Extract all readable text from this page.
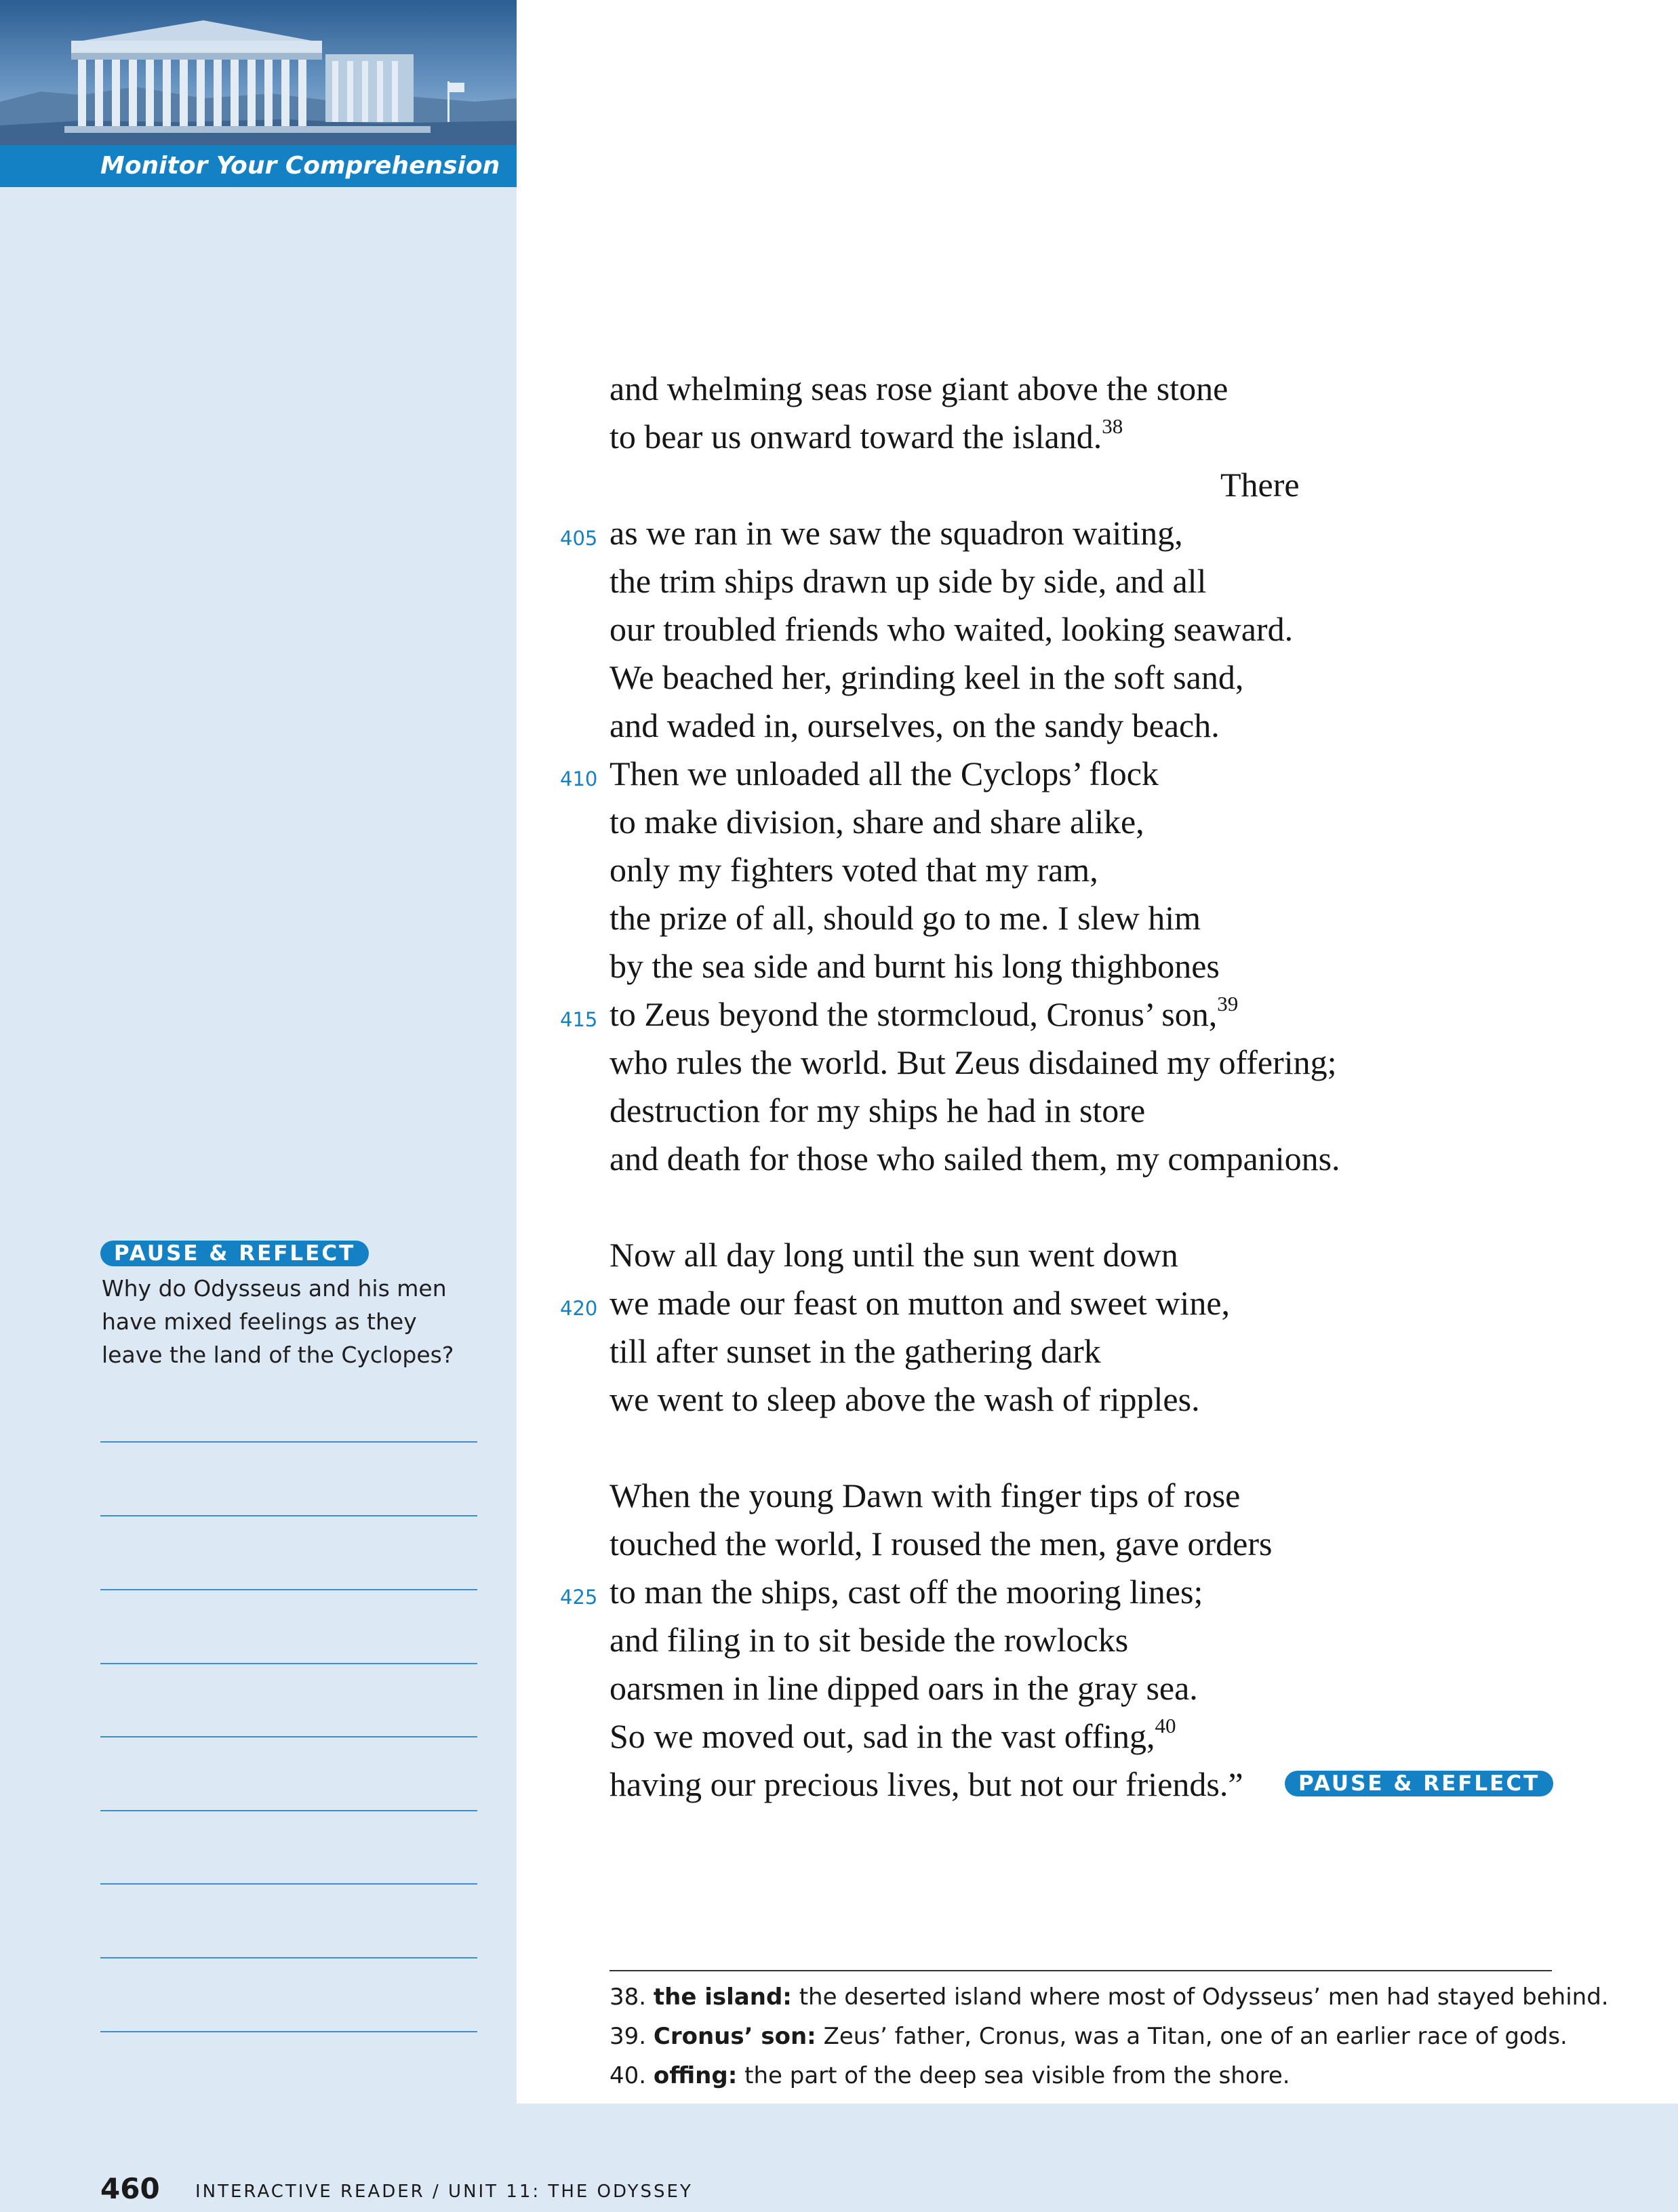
Monitor Your Comprehension
PAUSE & REFLECT
Why do Odysseus and his men
have mixed feelings as they
leave the land of the Cyclopes?
and whelming seas rose giant above the stone
to bear us onward toward the island.$^{38}$
There
405 as we ran in we saw the squadron waiting,
the trim ships drawn up side by side, and all
our troubled friends who waited, looking seaward.
We beached her, grinding keel in the soft sand,
and waded in, ourselves, on the sandy beach.
410 Then we unloaded all the Cyclops’ flock
to make division, share and share alike,
only my fighters voted that my ram,
the prize of all, should go to me. I slew him
by the sea side and burnt his long thighbones
415 to Zeus beyond the stormcloud, Cronus’ son,$^{39}$
who rules the world. But Zeus disdained my offering;
destruction for my ships he had in store
and death for those who sailed them, my companions.
Now all day long until the sun went down
420 we made our feast on mutton and sweet wine,
till after sunset in the gathering dark
we went to sleep above the wash of ripples.
When the young Dawn with finger tips of rose
touched the world, I roused the men, gave orders
425 to man the ships, cast off the mooring lines;
and filing in to sit beside the rowlocks
oarsmen in line dipped oars in the gray sea.
So we moved out, sad in the vast offing,$^{40}$
having our precious lives, but not our friends.”	PAUSE & REFLECT
38. the island: the deserted island where most of Odysseus’ men had stayed behind.
39. Cronus’ son: Zeus’ father, Cronus, was a Titan, one of an earlier race of gods.
40. offing: the part of the deep sea visible from the shore.
460 INTERACTIVE READER / UNIT 11: THE ODYSSEY
